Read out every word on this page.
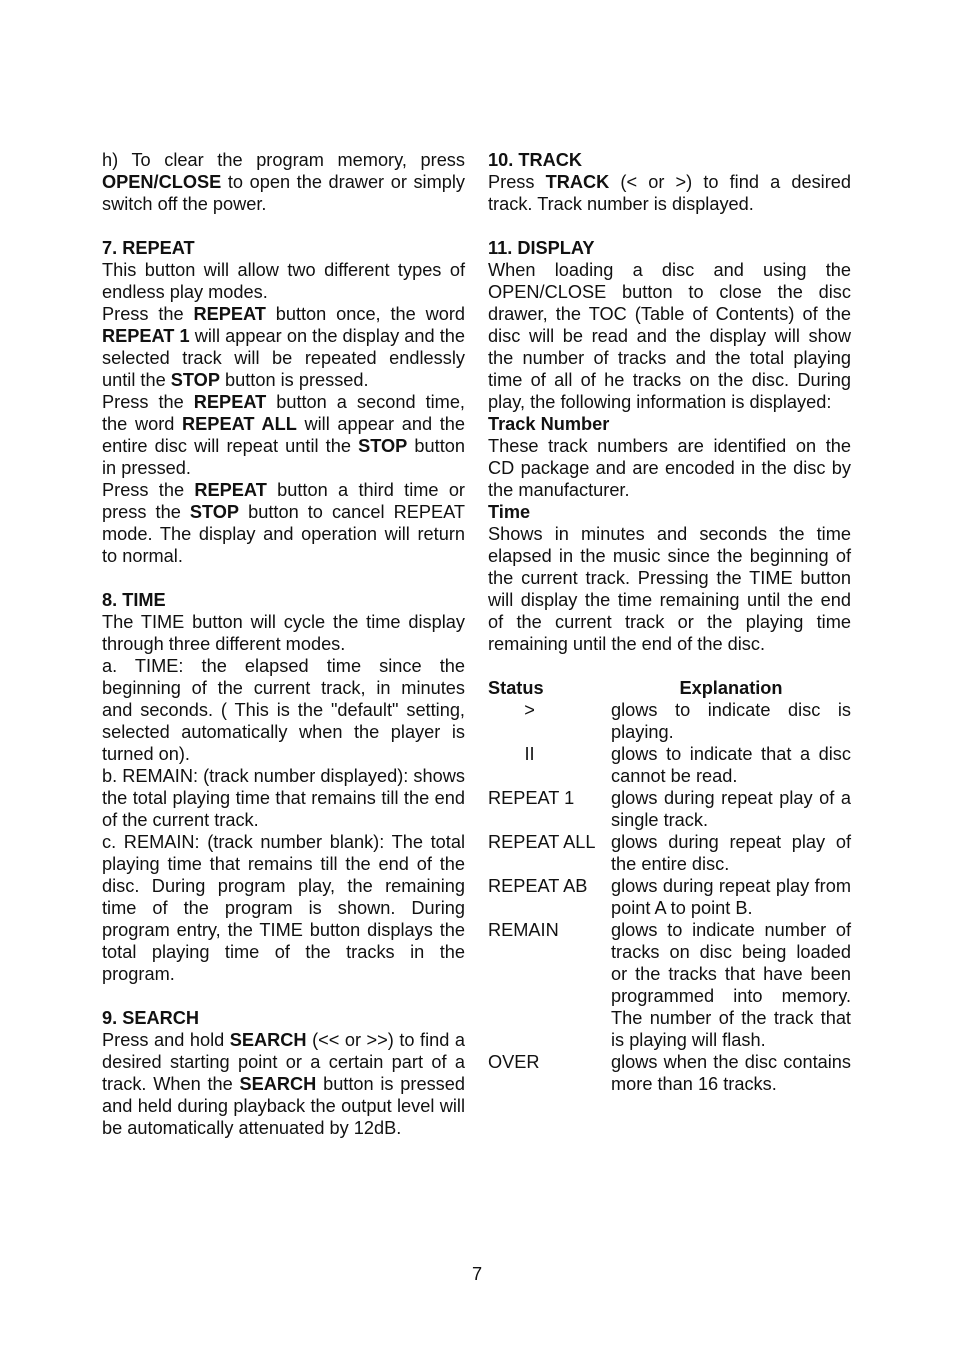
h) To clear the program memory, press OPEN/CLOSE to open the drawer or simply switch off the power.

7. REPEAT

This button will allow two different types of endless play modes.

Press the REPEAT button once, the word REPEAT 1 will appear on the display and the selected track will be repeated endlessly until the STOP button is pressed.

Press the REPEAT button a second time, the word REPEAT ALL will appear and the entire disc will repeat until the STOP button in pressed.

Press the REPEAT button a third time or press the STOP button to cancel REPEAT mode. The display and operation will return to normal.

8. TIME

The TIME button will cycle the time display through three different modes.

a. TIME: the elapsed time since the beginning of the current track, in minutes and seconds. ( This is the "default" setting, selected automatically when the player is turned on).

b. REMAIN: (track number displayed): shows the total playing time that remains till the end of the current track.

c. REMAIN: (track number blank): The total playing time that remains till the end of the disc. During program play, the remaining time of the program is shown. During program entry, the TIME button displays the total playing time of the tracks in the program.

9. SEARCH

Press and hold SEARCH (<< or >>) to find a desired starting point or a certain part of a track. When the SEARCH button is pressed and held during playback the output level will be automatically attenuated by 12dB.

10. TRACK

Press TRACK (< or >) to find a desired track. Track number is displayed.

11. DISPLAY

When loading a disc and using the OPEN/CLOSE button to close the disc drawer, the TOC (Table of Contents) of the disc will be read and the display will show the number of tracks and the total playing time of all of he tracks on the disc. During play, the following information is displayed:

Track Number

These track numbers are identified on the CD package and are encoded in the disc by the manufacturer.

Time

Shows in minutes and seconds the time elapsed in the music since the beginning of the current track. Pressing the TIME button will display the time remaining until the end of the current track or the playing time remaining until the end of the disc.

Status	Explanation
>	glows to indicate disc is playing.
II	glows to indicate that a disc cannot be read.
REPEAT 1	glows during repeat play of a single track.
REPEAT ALL glows during repeat play of the entire disc.
REPEAT AB	glows during repeat play from point A to point B.
REMAIN	glows to indicate number of tracks on disc being loaded or the tracks that have been programmed into memory. The number of the track that is playing will flash.
OVER	glows when the disc contains more than 16 tracks.
7
